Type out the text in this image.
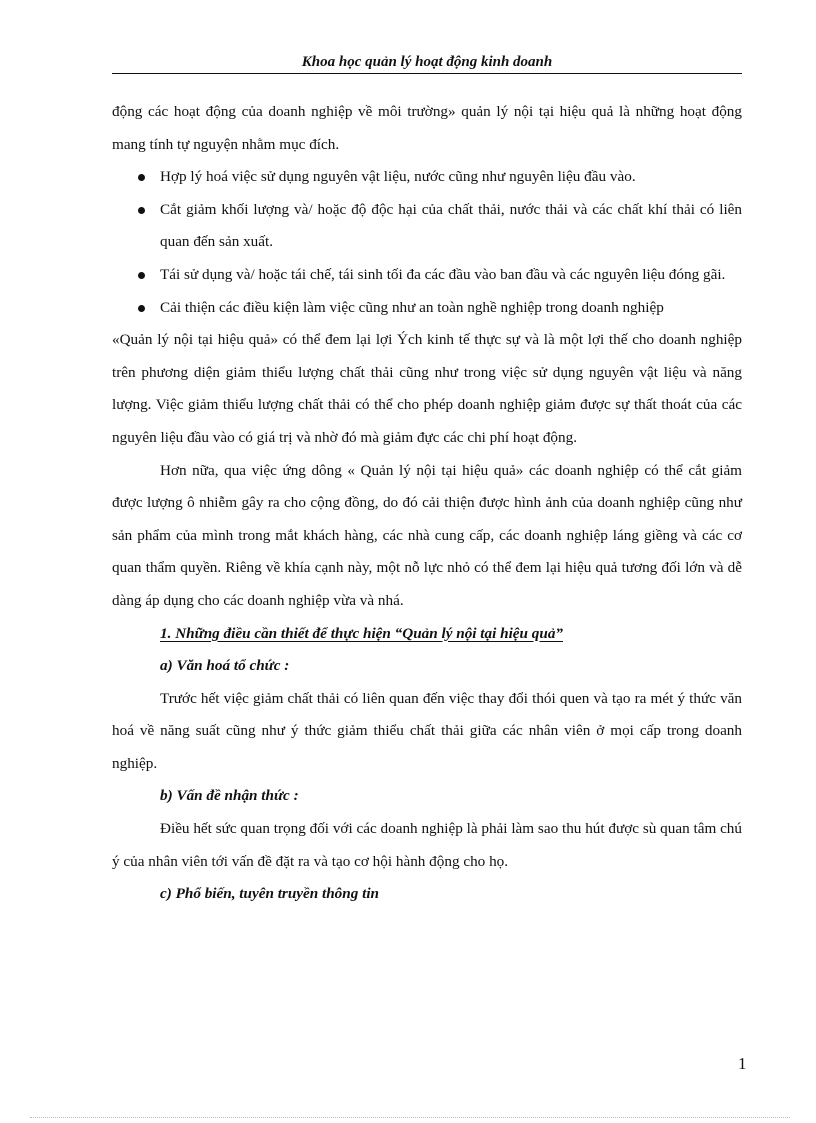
Khoa học quản lý hoạt động kinh doanh

động các hoạt động của doanh nghiệp về môi trường» quản lý nội tại hiệu quả là những hoạt động mang tính tự nguyện nhằm mục đích.

Hợp lý hoá việc sử dụng nguyên vật liệu, nước cũng như nguyên liệu đầu vào.
Cắt giảm khối lượng và/ hoặc độ độc hại của chất thải, nước thải và các chất khí thải có liên quan đến sản xuất.
Tái sử dụng và/ hoặc tái chế, tái sinh tối đa các đầu vào ban đầu và các nguyên liệu đóng gãi.
Cải thiện các điều kiện làm việc cũng như an toàn nghề nghiệp trong doanh nghiệp

«Quản lý nội tại hiệu quả» có thể đem lại lợi Ých kinh tế thực sự và là một lợi thế cho doanh nghiệp trên phương diện giảm thiểu lượng chất thải cũng như trong việc sử dụng nguyên vật liệu và năng lượng. Việc giảm thiểu lượng chất thải có thể cho phép doanh nghiệp giảm được sự thất thoát của các nguyên liệu đầu vào có giá trị và nhờ đó mà giảm đực các chi phí hoạt động.

Hơn nữa, qua việc ứng dông « Quản lý nội tại hiệu quả» các doanh nghiệp có thể cắt giảm được lượng ô nhiễm gây ra cho cộng đồng, do đó cải thiện được hình ảnh của doanh nghiệp cũng như sản phẩm của mình trong mắt khách hàng, các nhà cung cấp, các doanh nghiệp láng giềng và các cơ quan thẩm quyền. Riêng về khía cạnh này, một nỗ lực nhỏ có thể đem lại hiệu quả tương đối lớn và dễ dàng áp dụng cho các doanh nghiệp vừa và nhá.

1. Những điều cần thiết để thực hiện “Quản lý nội tại hiệu quả”

a) Văn hoá tổ chức :

Trước hết việc giảm chất thải có liên quan đến việc thay đổi thói quen và tạo ra mét ý thức văn hoá về năng suất cũng như ý thức giảm thiểu chất thải giữa các nhân viên ở mọi cấp trong doanh nghiệp.

b) Vấn đề nhận thức :

Điều hết sức quan trọng đối với các doanh nghiệp là phải làm sao thu hút được sù quan tâm chú ý của nhân viên tới vấn đề đặt ra và tạo cơ hội hành động cho họ.

c) Phổ biến, tuyên truyền thông tin

1
